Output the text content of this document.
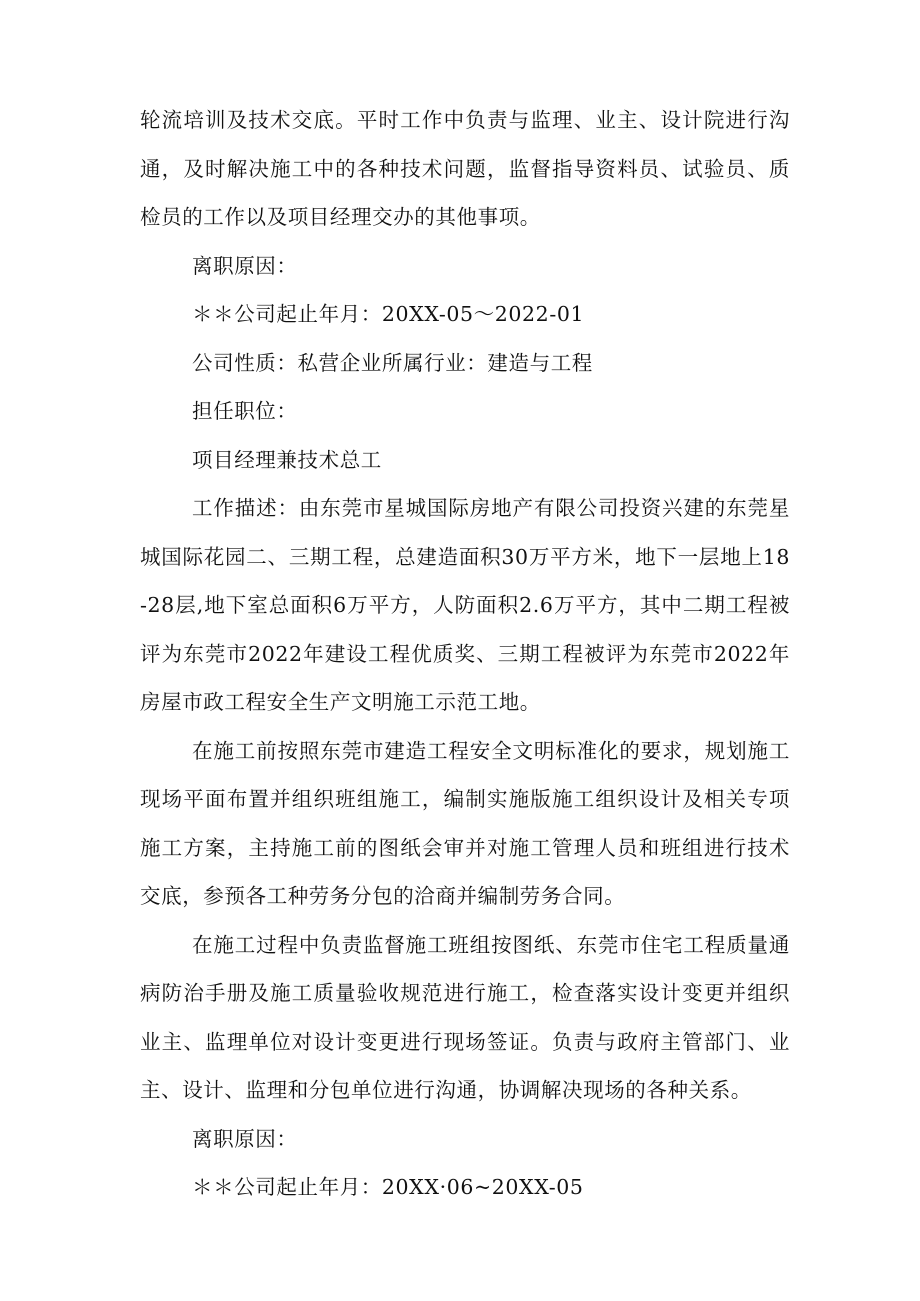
轮流培训及技术交底。平时工作中负责与监理、业主、设计院进行沟通，及时解决施工中的各种技术问题，监督指导资料员、试验员、质检员的工作以及项目经理交办的其他事项。

离职原因：

＊＊公司起止年月：20XX-05～2022-01

公司性质：私营企业所属行业：建造与工程

担任职位：

项目经理兼技术总工

工作描述：由东莞市星城国际房地产有限公司投资兴建的东莞星城国际花园二、三期工程，总建造面积30万平方米，地下一层地上18-28层,地下室总面积6万平方，人防面积2.6万平方，其中二期工程被评为东莞市2022年建设工程优质奖、三期工程被评为东莞市2022年房屋市政工程安全生产文明施工示范工地。

在施工前按照东莞市建造工程安全文明标准化的要求，规划施工现场平面布置并组织班组施工，编制实施版施工组织设计及相关专项施工方案，主持施工前的图纸会审并对施工管理人员和班组进行技术交底，参预各工种劳务分包的洽商并编制劳务合同。

在施工过程中负责监督施工班组按图纸、东莞市住宅工程质量通病防治手册及施工质量验收规范进行施工，检查落实设计变更并组织业主、监理单位对设计变更进行现场签证。负责与政府主管部门、业主、设计、监理和分包单位进行沟通，协调解决现场的各种关系。

离职原因：

＊＊公司起止年月：20XX·06~20XX-05
